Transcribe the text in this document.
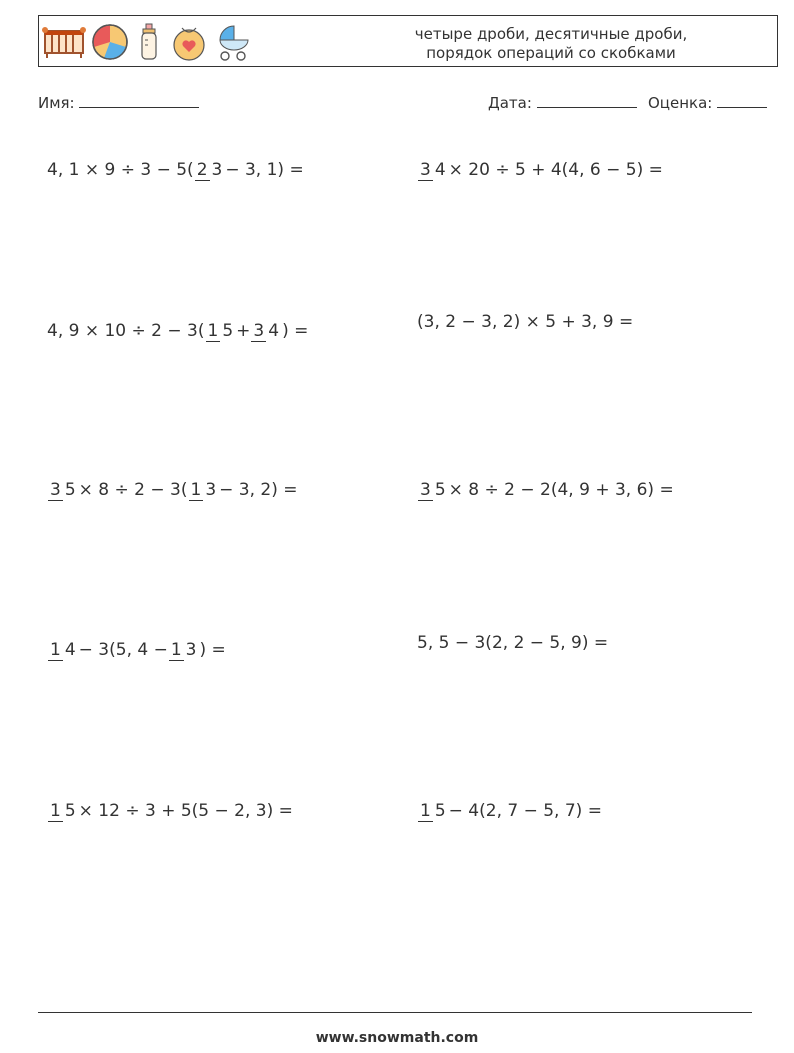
четыре дроби, десятичные дроби,
порядок операций со скобками
Имя:	Дата:	Оценка:
4, 1 × 9 ÷ 3 − 5( 2 3 − 3, 1) =	3 4 × 20 ÷ 5 + 4(4, 6 − 5) =
4, 9 × 10 ÷ 2 − 3( 1 5 + 3 4 ) =	(3, 2 − 3, 2) × 5 + 3, 9 =
3 5 × 8 ÷ 2 − 3( 1 3 − 3, 2) =	3 5 × 8 ÷ 2 − 2(4, 9 + 3, 6) =
1 4 − 3(5, 4 − 1 3 ) =	5, 5 − 3(2, 2 − 5, 9) =
1 5 × 12 ÷ 3 + 5(5 − 2, 3) =	1 5 − 4(2, 7 − 5, 7) =
www.snowmath.com
